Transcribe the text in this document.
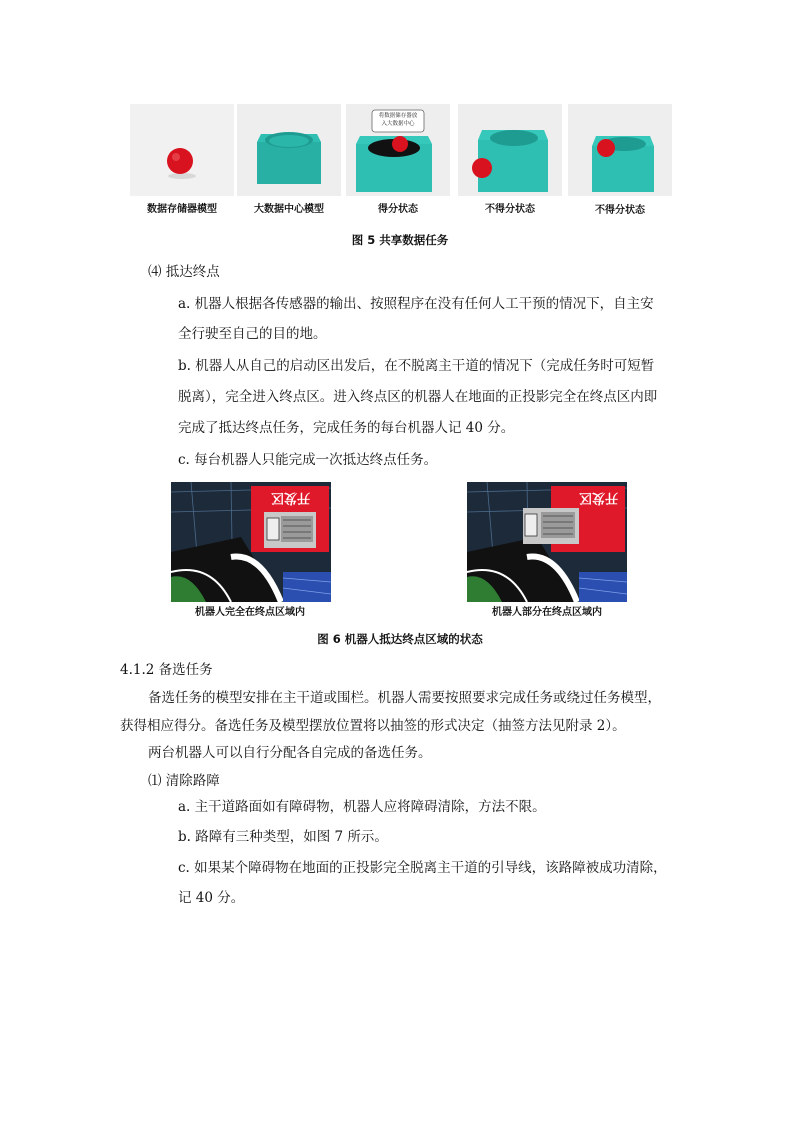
将数据储存器放
入大数据中心
数据存储器模型	大数据中心模型	得分状态	不得分状态	不得分状态
图 5 共享数据任务
⑷ 抵达终点
a. 机器人根据各传感器的输出、按照程序在没有任何人工干预的情况下，自主安
全行驶至自己的目的地。
b. 机器人从自己的启动区出发后，在不脱离主干道的情况下（完成任务时可短暂
脱离），完全进入终点区。进入终点区的机器人在地面的正投影完全在终点区内即
完成了抵达终点任务，完成任务的每台机器人记 40 分。
c. 每台机器人只能完成一次抵达终点任务。
开发区	开发区
机器人完全在终点区域内	机器人部分在终点区域内
图 6 机器人抵达终点区域的状态
4.1.2 备选任务
备选任务的模型安排在主干道或围栏。机器人需要按照要求完成任务或绕过任务模型，
获得相应得分。备选任务及模型摆放位置将以抽签的形式决定（抽签方法见附录 2）。
两台机器人可以自行分配各自完成的备选任务。
⑴ 清除路障
a. 主干道路面如有障碍物，机器人应将障碍清除，方法不限。
b. 路障有三种类型，如图 7 所示。
c. 如果某个障碍物在地面的正投影完全脱离主干道的引导线，该路障被成功清除，
记 40 分。
